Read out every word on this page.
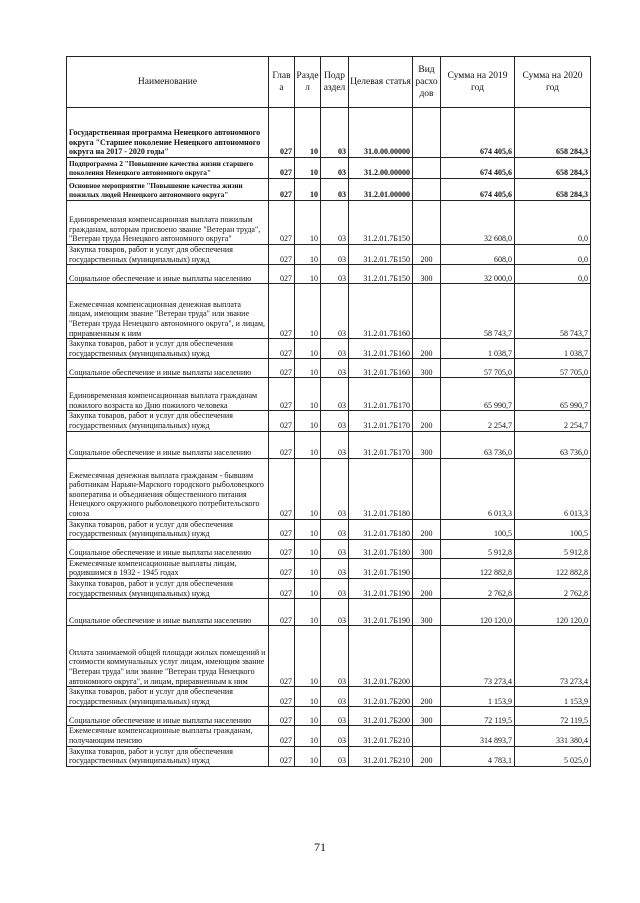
Наименование	Глав а	Разде л	Подр аздел	Целевая статья	Вид расхо дов	Сумма на 2019 год	Сумма на 2020 год
Государственная программа Ненецкого автономного округа "Старшее поколение Ненецкого автономного округа на 2017 - 2020 годы"	027	10	03	31.0.00.00000		674 405,6	658 284,3
Подпрограмма 2 "Повышение качества жизни старшего поколения Ненецкого автономного округа"	027	10	03	31.2.00.00000		674 405,6	658 284,3
Основное мероприятие "Повышение качества жизни пожилых людей Ненецкого автономного округа"	027	10	03	31.2.01.00000		674 405,6	658 284,3
Единовременная компенсационная выплата пожилым гражданам, которым присвоено звание "Ветеран труда", "Ветеран труда Ненецкого автономного округа"	027	10	03	31.2.01.7Б150		32 608,0	0,0
Закупка товаров, работ и услуг для обеспечения государственных (муниципальных) нужд	027	10	03	31.2.01.7Б150	200	608,0	0,0
Социальное обеспечение и иные выплаты населению	027	10	03	31.2.01.7Б150	300	32 000,0	0,0
Ежемесячная компенсационная денежная выплата лицам, имеющим звание "Ветеран труда" или звание "Ветеран труда Ненецкого автономного округа", и лицам, приравненным к ним	027	10	03	31.2.01.7Б160		58 743,7	58 743,7
Закупка товаров, работ и услуг для обеспечения государственных (муниципальных) нужд	027	10	03	31.2.01.7Б160	200	1 038,7	1 038,7
Социальное обеспечение и иные выплаты населению	027	10	03	31.2.01.7Б160	300	57 705,0	57 705,0
Единовременная компенсационная выплата гражданам пожилого возраста ко Дню пожилого человека	027	10	03	31.2.01.7Б170		65 990,7	65 990,7
Закупка товаров, работ и услуг для обеспечения государственных (муниципальных) нужд	027	10	03	31.2.01.7Б170	200	2 254,7	2 254,7
Социальное обеспечение и иные выплаты населению	027	10	03	31.2.01.7Б170	300	63 736,0	63 736,0
Ежемесячная денежная выплата гражданам - бывшим работникам Нарьян-Марского городского рыболовецкого кооператива и объединения общественного питания Ненецкого окружного рыболовецкого потребительского союза	027	10	03	31.2.01.7Б180		6 013,3	6 013,3
Закупка товаров, работ и услуг для обеспечения государственных (муниципальных) нужд	027	10	03	31.2.01.7Б180	200	100,5	100,5
Социальное обеспечение и иные выплаты населению	027	10	03	31.2.01.7Б180	300	5 912,8	5 912,8
Ежемесячные компенсационные выплаты лицам, родившимся в 1932 - 1945 годах	027	10	03	31.2.01.7Б190		122 882,8	122 882,8
Закупка товаров, работ и услуг для обеспечения государственных (муниципальных) нужд	027	10	03	31.2.01.7Б190	200	2 762,8	2 762,8
Социальное обеспечение и иные выплаты населению	027	10	03	31.2.01.7Б190	300	120 120,0	120 120,0
Оплата занимаемой общей площади жилых помещений и стоимости коммунальных услуг лицам, имеющим звание "Ветеран труда" или звание "Ветеран труда Ненецкого автономного округа", и лицам, приравненным к ним	027	10	03	31.2.01.7Б200		73 273,4	73 273,4
Закупка товаров, работ и услуг для обеспечения государственных (муниципальных) нужд	027	10	03	31.2.01.7Б200	200	1 153,9	1 153,9
Социальное обеспечение и иные выплаты населению	027	10	03	31.2.01.7Б200	300	72 119,5	72 119,5
Ежемесячные компенсационные выплаты гражданам, получающим пенсию	027	10	03	31.2.01.7Б210		314 893,7	331 380,4
Закупка товаров, работ и услуг для обеспечения государственных (муниципальных) нужд	027	10	03	31.2.01.7Б210	200	4 783,1	5 025,0
71
